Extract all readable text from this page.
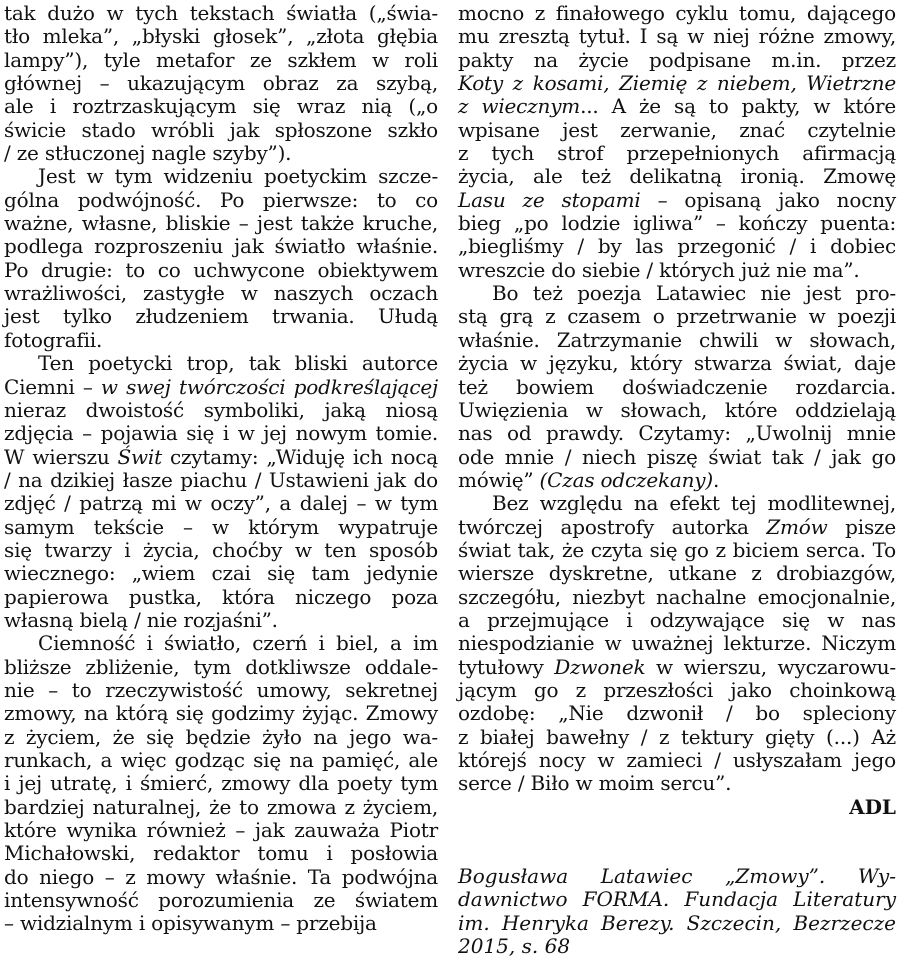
tak dużo w tych tekstach światła („świa-
tło mleka”, „błyski głosek”, „złota głębia
lampy”), tyle metafor ze szkłem w roli
głównej – ukazującym obraz za szybą,
ale i roztrzaskującym się wraz nią („o
świcie stado wróbli jak spłoszone szkło
/ ze stłuczonej nagle szyby”).

Jest w tym widzeniu poetyckim szcze-
gólna podwójność. Po pierwsze: to co
ważne, własne, bliskie – jest także kruche,
podlega rozproszeniu jak światło właśnie.
Po drugie: to co uchwycone obiektywem
wrażliwości, zastygłe w naszych oczach
jest tylko złudzeniem trwania. Ułudą
fotografii.

Ten poetycki trop, tak bliski autorce
Ciemni – w swej twórczości podkreślającej
nieraz dwoistość symboliki, jaką niosą
zdjęcia – pojawia się i w jej nowym tomie.
W wierszu Świt czytamy: „Widuję ich nocą
/ na dzikiej łasze piachu / Ustawieni jak do
zdjęć / patrzą mi w oczy”, a dalej – w tym
samym tekście – w którym wypatruje
się twarzy i życia, choćby w ten sposób
wiecznego: „wiem czai się tam jedynie
papierowa pustka, która niczego poza
własną bielą / nie rozjaśni”.

Ciemność i światło, czerń i biel, a im
bliższe zbliżenie, tym dotkliwsze oddale-
nie – to rzeczywistość umowy, sekretnej
zmowy, na którą się godzimy żyjąc. Zmowy
z życiem, że się będzie żyło na jego wa-
runkach, a więc godząc się na pamięć, ale
i jej utratę, i śmierć, zmowy dla poety tym
bardziej naturalnej, że to zmowa z życiem,
które wynika również – jak zauważa Piotr
Michałowski, redaktor tomu i posłowia
do niego – z mowy właśnie. Ta podwójna
intensywność porozumienia ze światem
– widzialnym i opisywanym – przebija

mocno z finałowego cyklu tomu, dającego
mu zresztą tytuł. I są w niej różne zmowy,
pakty na życie podpisane m.in. przez
Koty z kosami, Ziemię z niebem, Wietrzne
z wiecznym... A że są to pakty, w które
wpisane jest zerwanie, znać czytelnie
z tych strof przepełnionych afirmacją
życia, ale też delikatną ironią. Zmowę
Lasu ze stopami – opisaną jako nocny
bieg „po lodzie igliwa” – kończy puenta:
„biegliśmy / by las przegonić / i dobiec
wreszcie do siebie / których już nie ma”.

Bo też poezja Latawiec nie jest pro-
stą grą z czasem o przetrwanie w poezji
właśnie. Zatrzymanie chwili w słowach,
życia w języku, który stwarza świat, daje
też bowiem doświadczenie rozdarcia.
Uwięzienia w słowach, które oddzielają
nas od prawdy. Czytamy: „Uwolnij mnie
ode mnie / niech piszę świat tak / jak go
mówię” (Czas odczekany).

Bez względu na efekt tej modlitewnej,
twórczej apostrofy autorka Zmów pisze
świat tak, że czyta się go z biciem serca. To
wiersze dyskretne, utkane z drobiazgów,
szczegółu, niezbyt nachalne emocjonalnie,
a przejmujące i odzywające się w nas
niespodzianie w uważnej lekturze. Niczym
tytułowy Dzwonek w wierszu, wyczarowu-
jącym go z przeszłości jako choinkową
ozdobę: „Nie dzwonił / bo spleciony
z białej bawełny / z tektury gięty (...) Aż
którejś nocy w zamieci / usłyszałam jego
serce / Biło w moim sercu”.

ADL

Bogusława Latawiec „Zmowy”. Wy-
dawnictwo FORMA. Fundacja Literatury
im. Henryka Berezy. Szczecin, Bezrzecze
2015, s. 68
